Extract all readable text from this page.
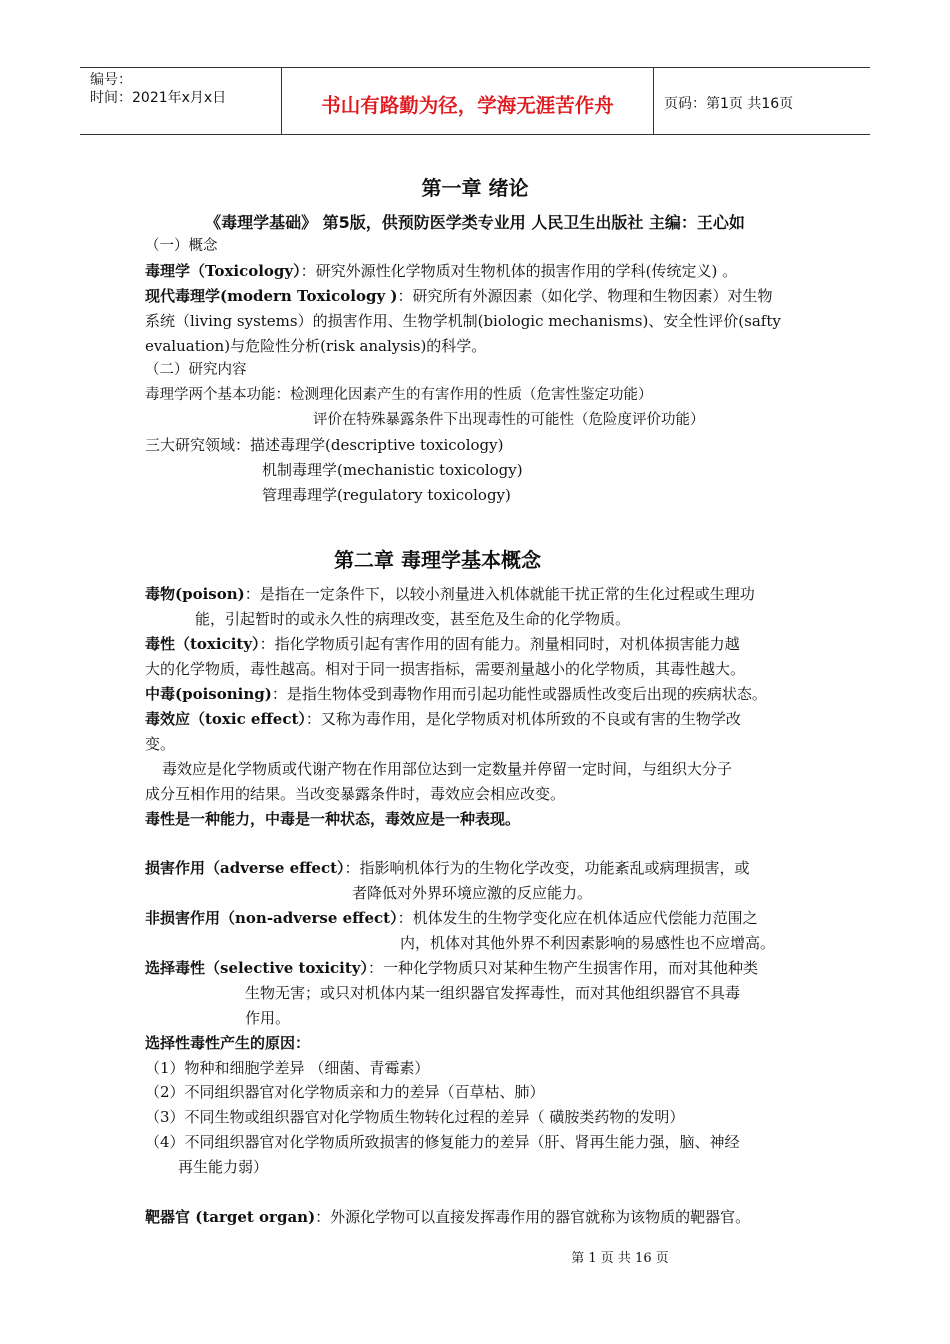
编号：
时间：2021年x月x日	书山有路勤为径，学海无涯苦作舟	页码：第1页 共16页
第一章 绪论
《毒理学基础》 第5版，供预防医学类专业用 人民卫生出版社 主编：王心如
（一）概念
毒理学（Toxicology）：研究外源性化学物质对生物机体的损害作用的学科(传统定义) 。
现代毒理学(modern Toxicology )：研究所有外源因素（如化学、物理和生物因素）对生物
系统（living systems）的损害作用、生物学机制(biologic mechanisms)、安全性评价(safty
evaluation)与危险性分析(risk analysis)的科学。
（二）研究内容
毒理学两个基本功能：检测理化因素产生的有害作用的性质（危害性鉴定功能）
评价在特殊暴露条件下出现毒性的可能性（危险度评价功能）
三大研究领域：描述毒理学(descriptive toxicology)
机制毒理学(mechanistic toxicology)
管理毒理学(regulatory toxicology)
第二章 毒理学基本概念
毒物(poison)：是指在一定条件下，以较小剂量进入机体就能干扰正常的生化过程或生理功
能，引起暂时的或永久性的病理改变，甚至危及生命的化学物质。
毒性（toxicity）：指化学物质引起有害作用的固有能力。剂量相同时，对机体损害能力越
大的化学物质，毒性越高。相对于同一损害指标，需要剂量越小的化学物质，其毒性越大。
中毒(poisoning)：是指生物体受到毒物作用而引起功能性或器质性改变后出现的疾病状态。
毒效应（toxic effect）：又称为毒作用，是化学物质对机体所致的不良或有害的生物学改
变。
毒效应是化学物质或代谢产物在作用部位达到一定数量并停留一定时间，与组织大分子
成分互相作用的结果。当改变暴露条件时，毒效应会相应改变。
毒性是一种能力，中毒是一种状态，毒效应是一种表现。
损害作用（adverse effect）：指影响机体行为的生物化学改变，功能紊乱或病理损害，或
者降低对外界环境应激的反应能力。
非损害作用（non-adverse effect）：机体发生的生物学变化应在机体适应代偿能力范围之
内，机体对其他外界不利因素影响的易感性也不应增高。
选择毒性（selective toxicity）：一种化学物质只对某种生物产生损害作用，而对其他种类
生物无害；或只对机体内某一组织器官发挥毒性，而对其他组织器官不具毒
作用。
选择性毒性产生的原因：
（1）物种和细胞学差异 （细菌、青霉素）
（2）不同组织器官对化学物质亲和力的差异（百草枯、肺）
（3）不同生物或组织器官对化学物质生物转化过程的差异（ 磺胺类药物的发明）
（4）不同组织器官对化学物质所致损害的修复能力的差异（肝、肾再生能力强，脑、神经
再生能力弱）
靶器官 (target organ)：外源化学物可以直接发挥毒作用的器官就称为该物质的靶器官。
第 1 页 共 16 页
